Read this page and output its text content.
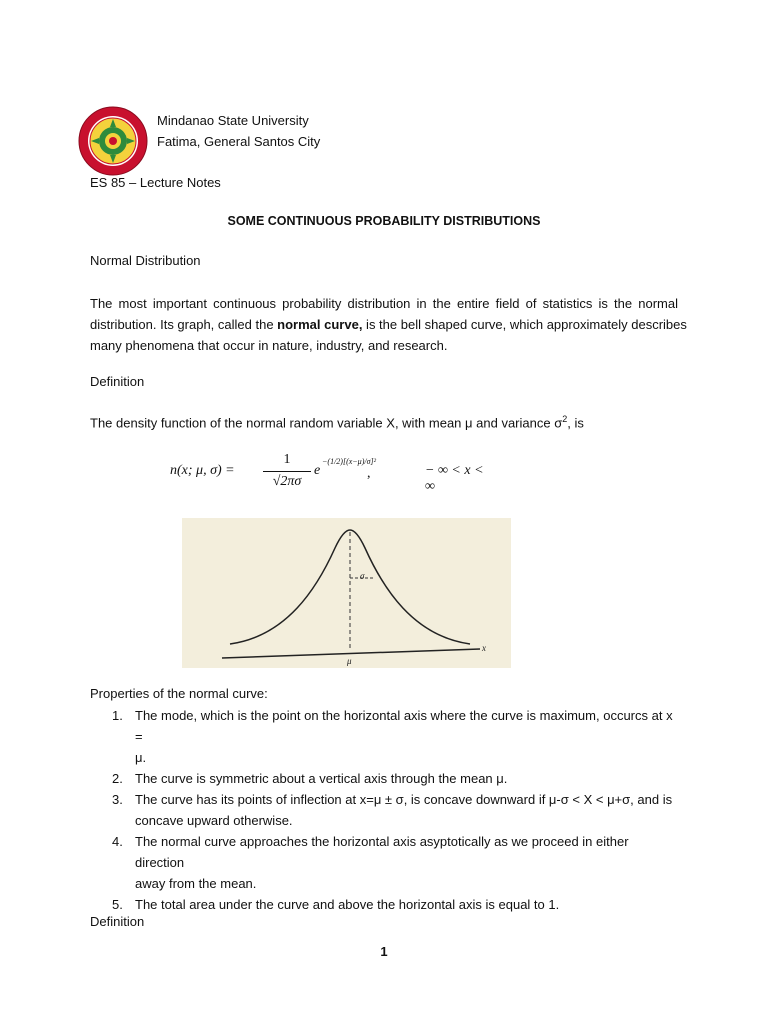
Mindanao State University
Fatima, General Santos City
ES 85 – Lecture Notes
SOME CONTINUOUS PROBABILITY DISTRIBUTIONS
Normal Distribution
The most important continuous probability distribution in the entire field of statistics is the normal
distribution. Its graph, called the normal curve, is the bell shaped curve, which approximately describes
many phenomena that occur in nature, industry, and research.
Definition
The density function of the normal random variable X, with mean μ and variance $\sigma^2$, is
n(x; μ, σ) =
1
√2πσ
e
−(1/2)[(x−μ)/σ]²
,	− ∞ < x < ∞
σ
μ
x
Properties of the normal curve:
1. The mode, which is the point on the horizontal axis where the curve is maximum, occurcs at x =
μ.
2. The curve is symmetric about a vertical axis through the mean μ.
3. The curve has its points of inflection at x=μ ± σ, is concave downward if μ-σ < X < μ+σ, and is
concave upward otherwise.
4. The normal curve approaches the horizontal axis asyptotically as we proceed in either direction
away from the mean.
5. The total area under the curve and above the horizontal axis is equal to 1.
Definition
1
